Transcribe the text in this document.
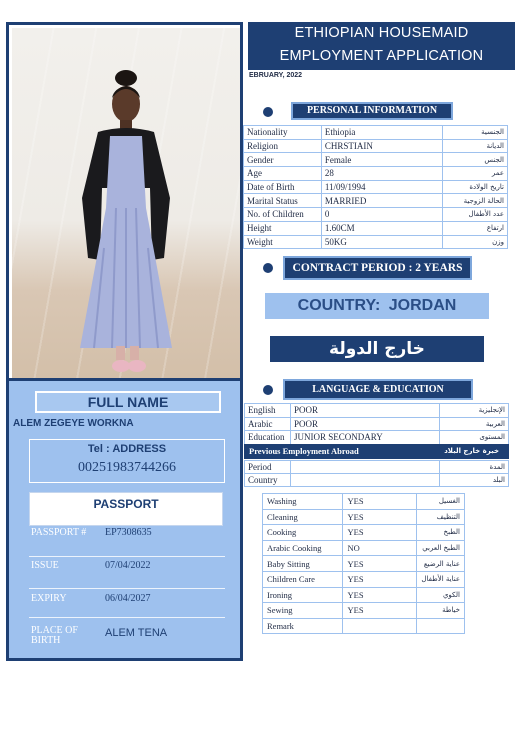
FULL NAME
ALEM ZEGEYE WORKNA
Tel : ADDRESS
00251983744266
PASSPORT
PASSPORT # EP7308635
ISSUE	07/04/2022
EXPIRY	06/04/2027
PLACE OF
BIRTH
ALEM TENA
ETHIOPIAN HOUSEMAID
EMPLOYMENT APPLICATION
EBRUARY, 2022
PERSONAL INFORMATION
Nationality	Ethiopia	الجنسية
Religion	CHRSTIAIN	الديانة
Gender	Female	الجنس
Age	28	عمر
Date of Birth	11/09/1994	تاريخ الولادة
Marital Status	MARRIED	الحالة الزوجية
No. of Children	0	عدد الأطفال
Height	1.60CM	ارتفاع
Weight	50KG	وزن
CONTRACT PERIOD : 2 YEARS
COUNTRY: JORDAN
خارج الدولة
LANGUAGE & EDUCATION
English	POOR	الإنجليزية
Arabic	POOR	العربية
Education	JUNIOR SECONDARY	المستوى
Previous Employment Abroad	خبرة خارج البلاد
Period		المدة
Country		البلد
Washing	YES	الغسيل
Cleaning	YES	التنظيف
Cooking	YES	الطبخ
Arabic Cooking	NO	الطبخ العربي
Baby Sitting	YES	عناية الرضيع
Children Care	YES	عناية الأطفال
Ironing	YES	الكوي
Sewing	YES	خياطة
Remark		
